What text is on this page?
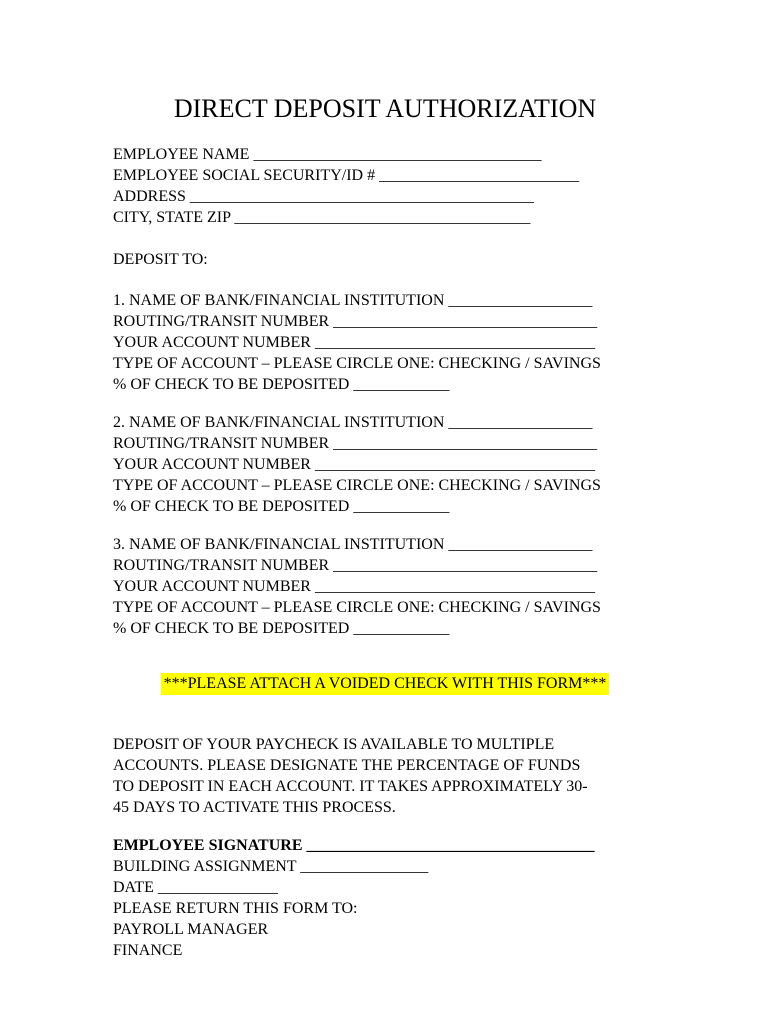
DIRECT DEPOSIT AUTHORIZATION
EMPLOYEE NAME ____________________________________
EMPLOYEE SOCIAL SECURITY/ID # _________________________
ADDRESS ___________________________________________
CITY, STATE ZIP _____________________________________
DEPOSIT TO:
1. NAME OF BANK/FINANCIAL INSTITUTION __________________
ROUTING/TRANSIT NUMBER _________________________________
YOUR ACCOUNT NUMBER ___________________________________
TYPE OF ACCOUNT – PLEASE CIRCLE ONE: CHECKING / SAVINGS
% OF CHECK TO BE DEPOSITED ____________
2. NAME OF BANK/FINANCIAL INSTITUTION __________________
ROUTING/TRANSIT NUMBER _________________________________
YOUR ACCOUNT NUMBER ___________________________________
TYPE OF ACCOUNT – PLEASE CIRCLE ONE: CHECKING / SAVINGS
% OF CHECK TO BE DEPOSITED ____________
3. NAME OF BANK/FINANCIAL INSTITUTION __________________
ROUTING/TRANSIT NUMBER _________________________________
YOUR ACCOUNT NUMBER ___________________________________
TYPE OF ACCOUNT – PLEASE CIRCLE ONE: CHECKING / SAVINGS
% OF CHECK TO BE DEPOSITED ____________
***PLEASE ATTACH A VOIDED CHECK WITH THIS FORM***
DEPOSIT OF YOUR PAYCHECK IS AVAILABLE TO MULTIPLE
ACCOUNTS. PLEASE DESIGNATE THE PERCENTAGE OF FUNDS
TO DEPOSIT IN EACH ACCOUNT. IT TAKES APPROXIMATELY 30-
45 DAYS TO ACTIVATE THIS PROCESS.
EMPLOYEE SIGNATURE ____________________________________
BUILDING ASSIGNMENT ________________
DATE _______________
PLEASE RETURN THIS FORM TO:
PAYROLL MANAGER
FINANCE
